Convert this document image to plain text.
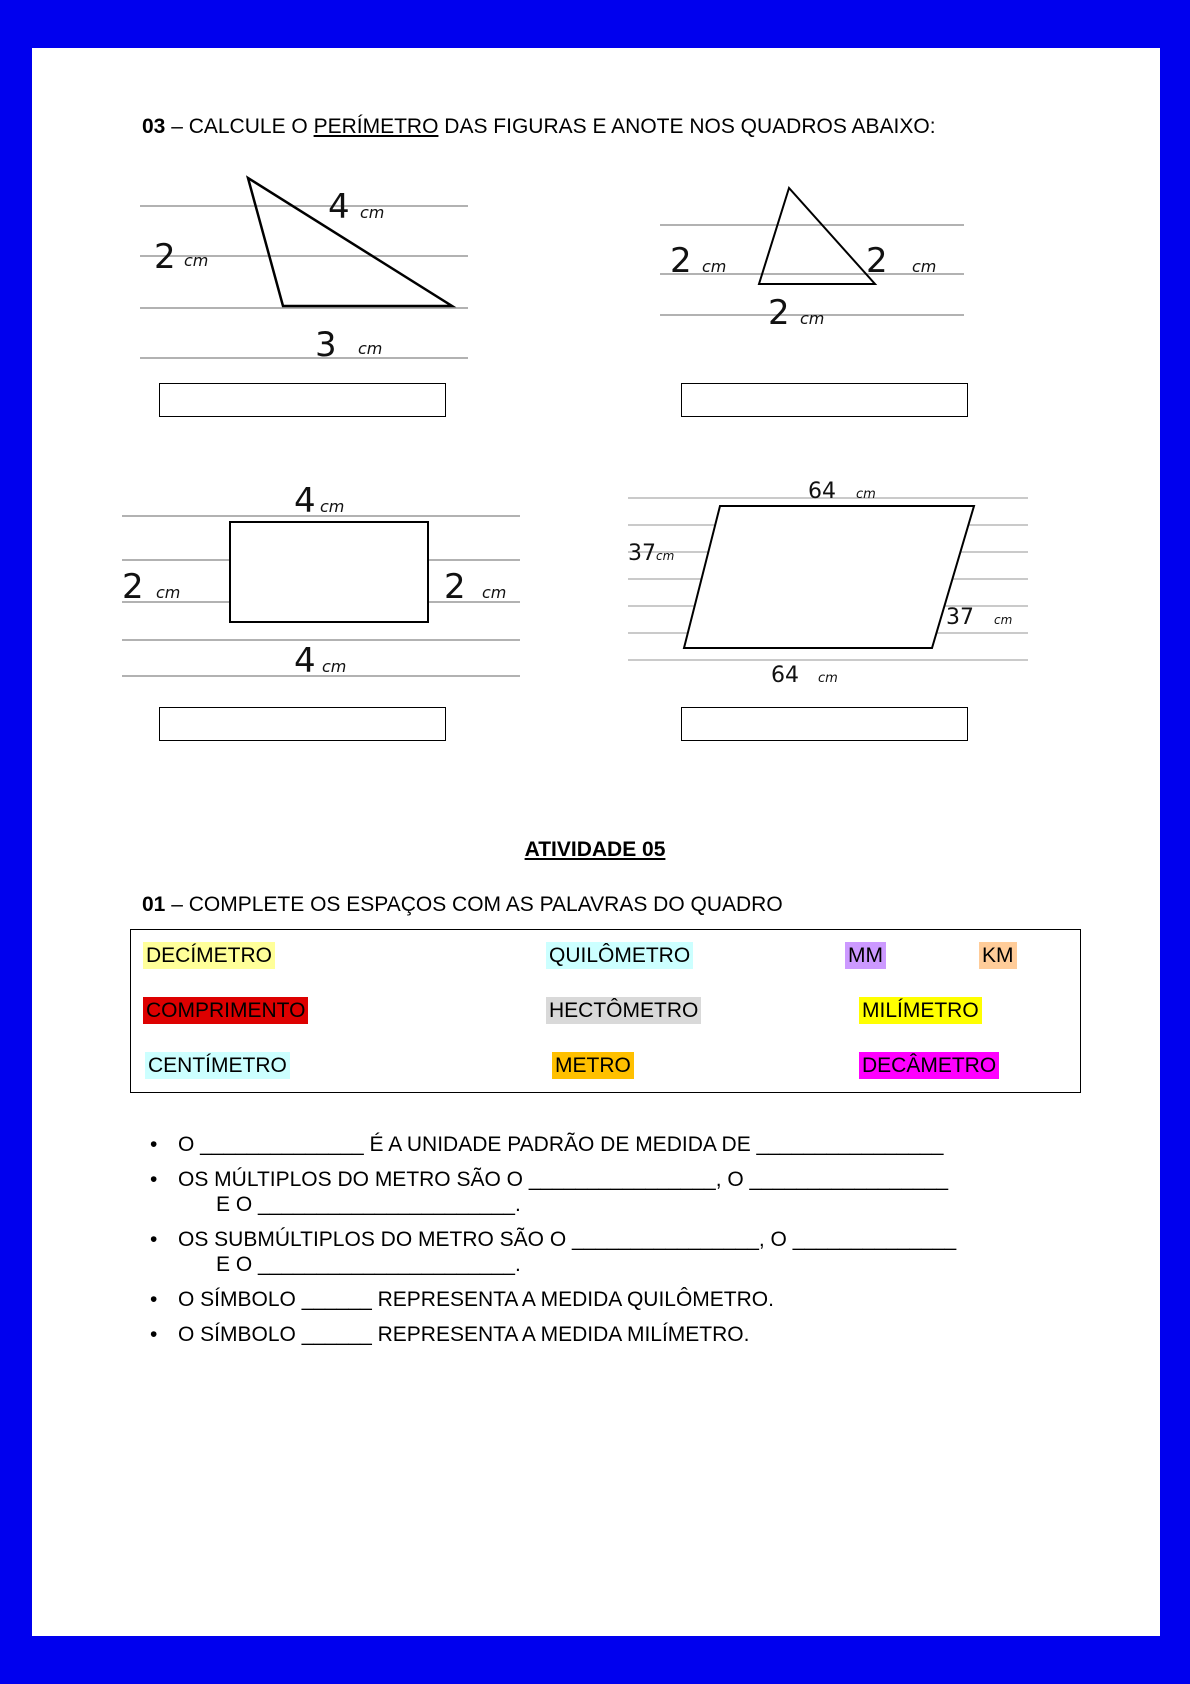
03 – CALCULE O PERÍMETRO DAS FIGURAS E ANOTE NOS QUADROS ABAIXO:
4 cm
2 cm
3 cm
2 cm	2 cm
2 cm
4 cm
2 cm	2 cm
4 cm
64 cm
37 cm
37 cm
64 cm
ATIVIDADE 05
01 – COMPLETE OS ESPAÇOS COM AS PALAVRAS DO QUADRO
DECÍMETRO	QUILÔMETRO	MM	KM
COMPRIMENTO	HECTÔMETRO	MILÍMETRO
CENTÍMETRO	METRO	DECÂMETRO
• O ______________ É A UNIDADE PADRÃO DE MEDIDA DE ________________
• OS MÚLTIPLOS DO METRO SÃO O ________________, O _________________
E O ______________________.
• OS SUBMÚLTIPLOS DO METRO SÃO O ________________, O ______________
E O ______________________.
• O SÍMBOLO ______ REPRESENTA A MEDIDA QUILÔMETRO.
• O SÍMBOLO ______ REPRESENTA A MEDIDA MILÍMETRO.
